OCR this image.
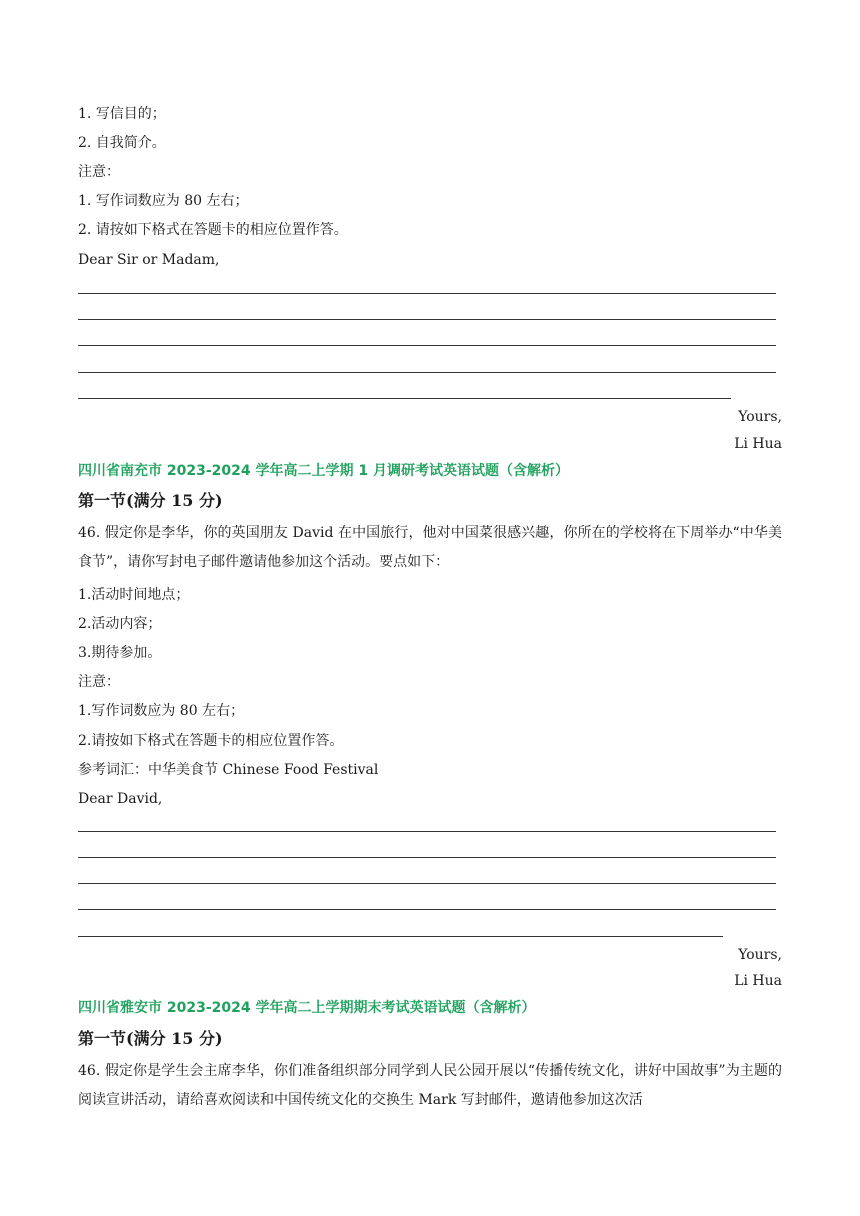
1. 写信目的；
2. 自我简介。
注意：
1. 写作词数应为 80 左右；
2. 请按如下格式在答题卡的相应位置作答。
Dear Sir or Madam,
Yours,
Li Hua
四川省南充市 2023-2024 学年高二上学期 1 月调研考试英语试题（含解析）
第一节(满分 15 分)
46. 假定你是李华，你的英国朋友 David 在中国旅行，他对中国菜很感兴趣，你所在的学校将在下周举办“中华美食节”，请你写封电子邮件邀请他参加这个活动。要点如下：
1.活动时间地点；
2.活动内容；
3.期待参加。
注意：
1.写作词数应为 80 左右；
2.请按如下格式在答题卡的相应位置作答。
参考词汇：中华美食节 Chinese Food Festival
Dear David,
Yours,
Li Hua
四川省雅安市 2023-2024 学年高二上学期期末考试英语试题（含解析）
第一节(满分 15 分)
46. 假定你是学生会主席李华，你们准备组织部分同学到人民公园开展以“传播传统文化，讲好中国故事”为主题的阅读宣讲活动，请给喜欢阅读和中国传统文化的交换生 Mark 写封邮件，邀请他参加这次活
